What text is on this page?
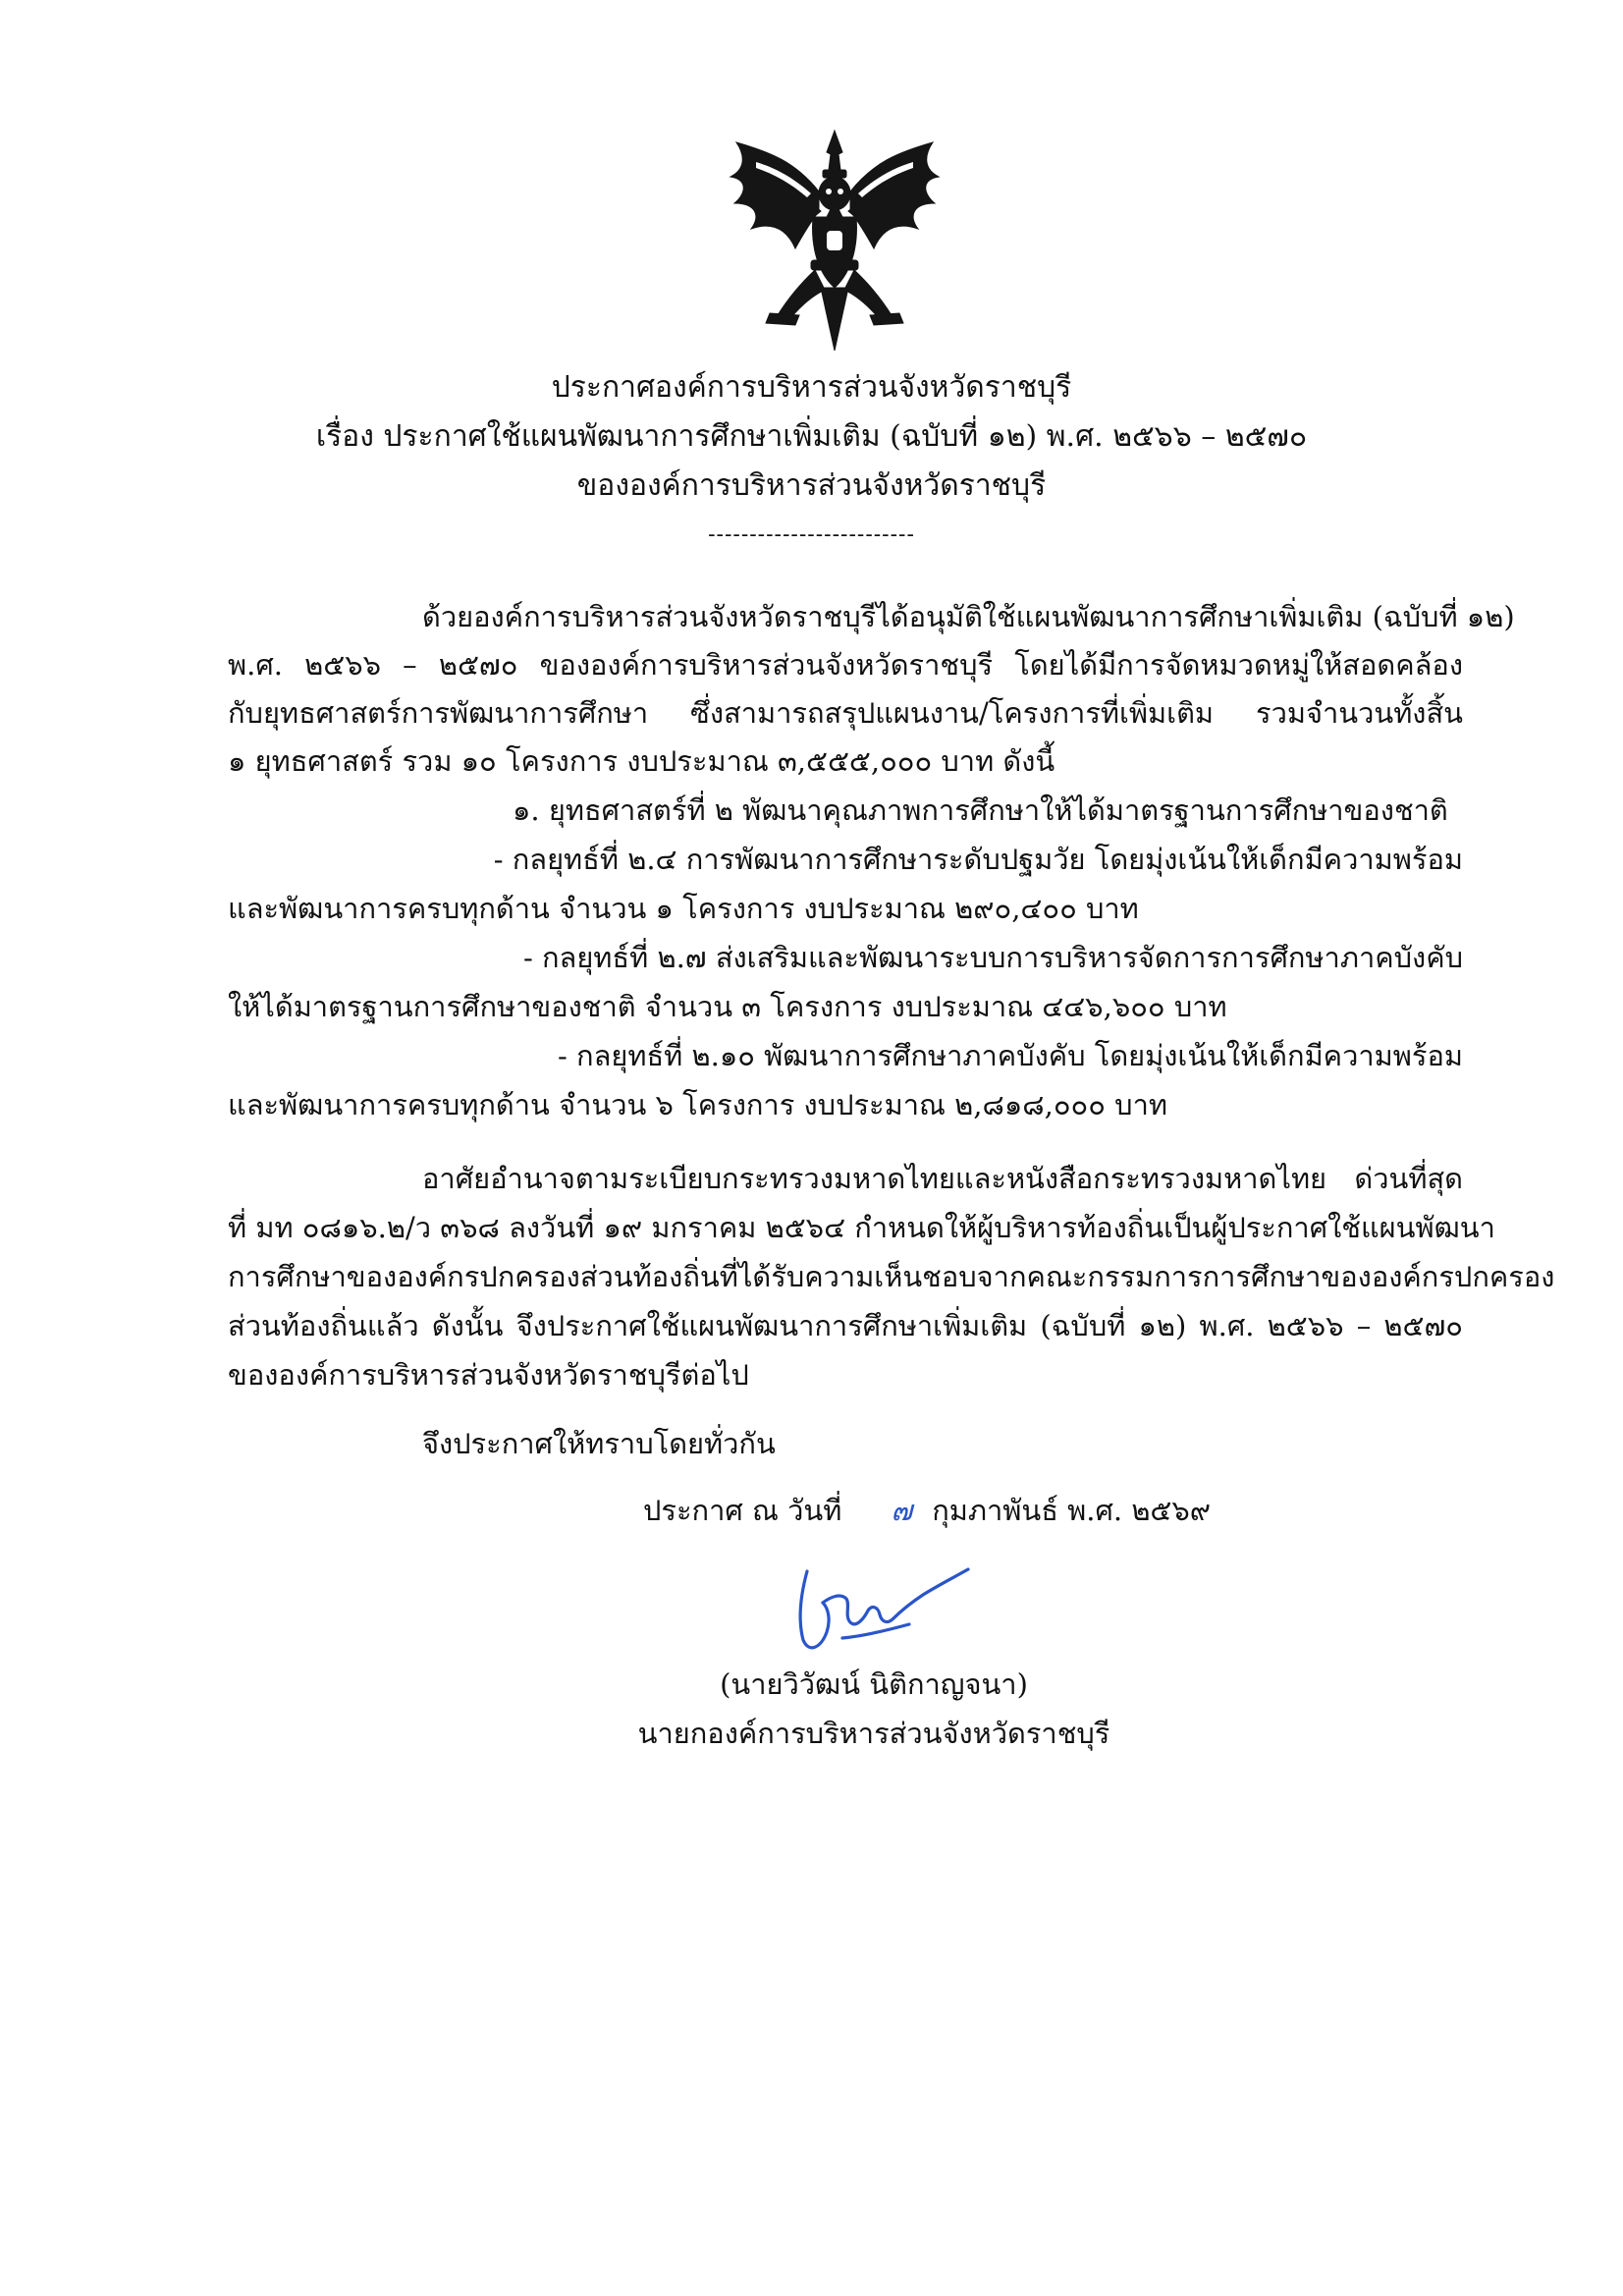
ประกาศองค์การบริหารส่วนจังหวัดราชบุรี
เรื่อง ประกาศใช้แผนพัฒนาการศึกษาเพิ่มเติม (ฉบับที่ ๑๒) พ.ศ. ๒๕๖๖ – ๒๕๗๐
ขององค์การบริหารส่วนจังหวัดราชบุรี
-------------------------
ด้วยองค์การบริหารส่วนจังหวัดราชบุรีได้อนุมัติใช้แผนพัฒนาการศึกษาเพิ่มเติม (ฉบับที่ ๑๒)
พ.ศ. ๒๕๖๖ – ๒๕๗๐ ขององค์การบริหารส่วนจังหวัดราชบุรี โดยได้มีการจัดหมวดหมู่ให้สอดคล้อง
กับยุทธศาสตร์การพัฒนาการศึกษา ซึ่งสามารถสรุปแผนงาน/โครงการที่เพิ่มเติม รวมจำนวนทั้งสิ้น
๑ ยุทธศาสตร์ รวม ๑๐ โครงการ งบประมาณ ๓,๕๕๕,๐๐๐ บาท ดังนี้
๑. ยุทธศาสตร์ที่ ๒ พัฒนาคุณภาพการศึกษาให้ได้มาตรฐานการศึกษาของชาติ
- กลยุทธ์ที่ ๒.๔ การพัฒนาการศึกษาระดับปฐมวัย โดยมุ่งเน้นให้เด็กมีความพร้อม
และพัฒนาการครบทุกด้าน จำนวน ๑ โครงการ งบประมาณ ๒๙๐,๔๐๐ บาท
- กลยุทธ์ที่ ๒.๗ ส่งเสริมและพัฒนาระบบการบริหารจัดการการศึกษาภาคบังคับ
ให้ได้มาตรฐานการศึกษาของชาติ จำนวน ๓ โครงการ งบประมาณ ๔๔๖,๖๐๐ บาท
- กลยุทธ์ที่ ๒.๑๐ พัฒนาการศึกษาภาคบังคับ โดยมุ่งเน้นให้เด็กมีความพร้อม
และพัฒนาการครบทุกด้าน จำนวน ๖ โครงการ งบประมาณ ๒,๘๑๘,๐๐๐ บาท
อาศัยอำนาจตามระเบียบกระทรวงมหาดไทยและหนังสือกระทรวงมหาดไทย ด่วนที่สุด
ที่ มท ๐๘๑๖.๒/ว ๓๖๘ ลงวันที่ ๑๙ มกราคม ๒๕๖๔ กำหนดให้ผู้บริหารท้องถิ่นเป็นผู้ประกาศใช้แผนพัฒนา
การศึกษาขององค์กรปกครองส่วนท้องถิ่นที่ได้รับความเห็นชอบจากคณะกรรมการการศึกษาขององค์กรปกครอง
ส่วนท้องถิ่นแล้ว ดังนั้น จึงประกาศใช้แผนพัฒนาการศึกษาเพิ่มเติม (ฉบับที่ ๑๒) พ.ศ. ๒๕๖๖ – ๒๕๗๐
ขององค์การบริหารส่วนจังหวัดราชบุรีต่อไป
จึงประกาศให้ทราบโดยทั่วกัน
ประกาศ ณ วันที่ ๗ กุมภาพันธ์ พ.ศ. ๒๕๖๙
(นายวิวัฒน์ นิติกาญจนา)
นายกองค์การบริหารส่วนจังหวัดราชบุรี
